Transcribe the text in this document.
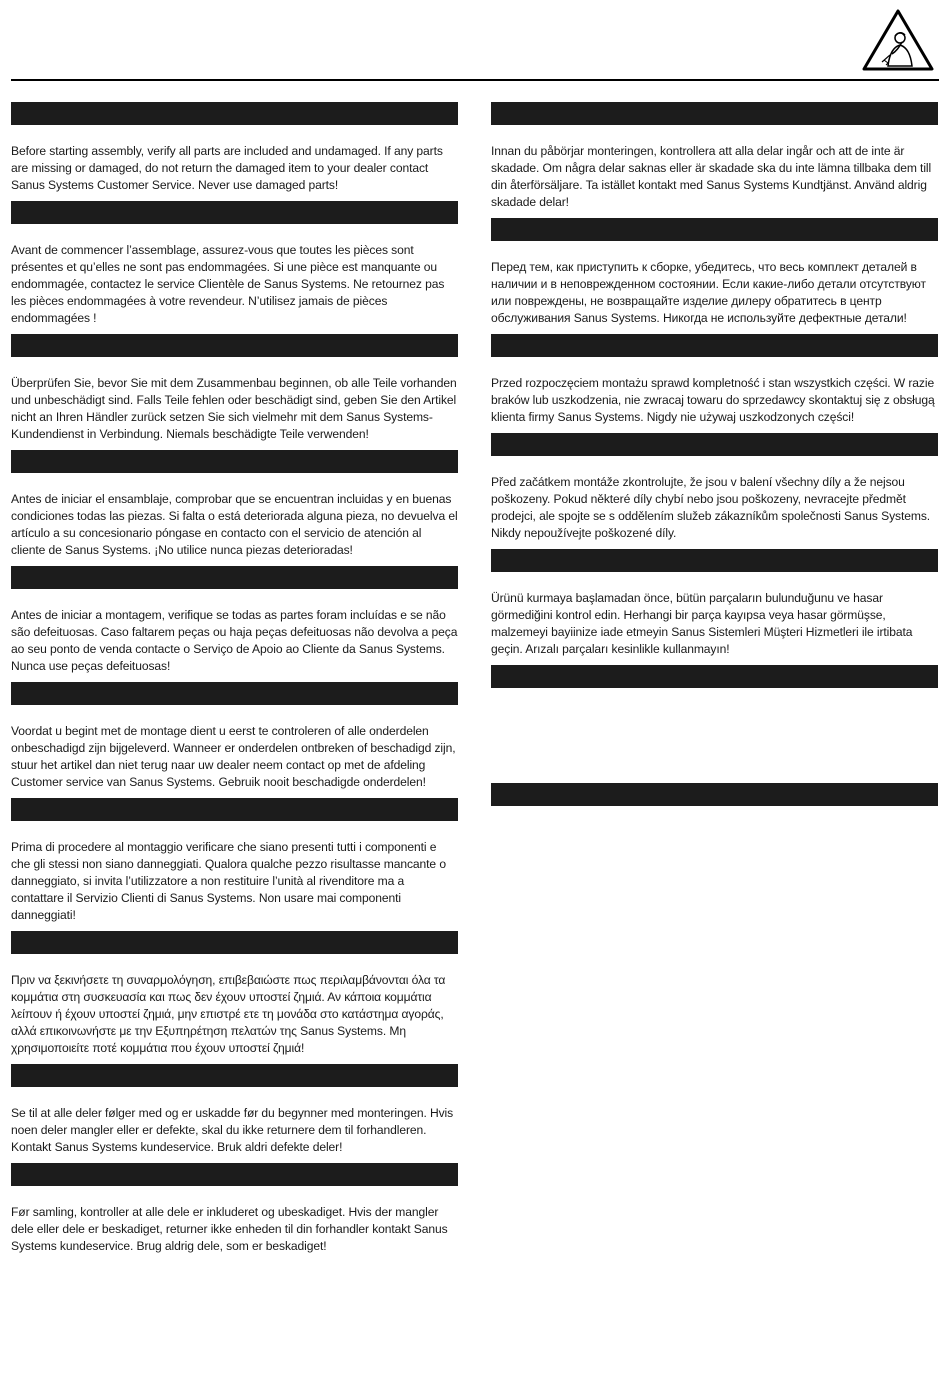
Before starting assembly, verify all parts are included and undamaged. If any parts are missing or damaged, do not return the damaged item to your dealer contact Sanus Systems Customer Service. Never use damaged parts!

Avant de commencer l’assemblage, assurez-vous que toutes les pièces sont présentes et qu’elles ne sont pas endommagées. Si une pièce est manquante ou endommagée, contactez le service Clientèle de Sanus Systems. Ne retournez pas les pièces endommagées à votre revendeur. N’utilisez jamais de pièces endommagées !

Überprüfen Sie, bevor Sie mit dem Zusammenbau beginnen, ob alle Teile vorhanden und unbeschädigt sind. Falls Teile fehlen oder beschädigt sind, geben Sie den Artikel nicht an Ihren Händler zurück setzen Sie sich vielmehr mit dem Sanus Systems-Kundendienst in Verbindung. Niemals beschädigte Teile verwenden!

Antes de iniciar el ensamblaje, comprobar que se encuentran incluidas y en buenas condiciones todas las piezas. Si falta o está deteriorada alguna pieza, no devuelva el artículo a su concesionario póngase en contacto con el servicio de atención al cliente de Sanus Systems. ¡No utilice nunca piezas deterioradas!

Antes de iniciar a montagem, verifique se todas as partes foram incluídas e se não são defeituosas. Caso faltarem peças ou haja peças defeituosas não devolva a peça ao seu ponto de venda contacte o Serviço de Apoio ao Cliente da Sanus Systems. Nunca use peças defeituosas!

Voordat u begint met de montage dient u eerst te controleren of alle onderdelen onbeschadigd zijn bijgeleverd. Wanneer er onderdelen ontbreken of beschadigd zijn, stuur het artikel dan niet terug naar uw dealer neem contact op met de afdeling Customer service van Sanus Systems. Gebruik nooit beschadigde onderdelen!

Prima di procedere al montaggio verificare che siano presenti tutti i componenti e che gli stessi non siano danneggiati. Qualora qualche pezzo risultasse mancante o danneggiato, si invita l’utilizzatore a non restituire l’unità al rivenditore ma a contattare il Servizio Clienti di Sanus Systems. Non usare mai componenti danneggiati!

Πριν να ξεκινήσετε τη συναρμολόγηση, επιβεβαιώστε πως περιλαμβάνονται όλα τα κομμάτια στη συσκευασία και πως δεν έχουν υποστεί ζημιά. Αν κάποια κομμάτια λείπουν ή έχουν υποστεί ζημιά, μην επιστρέ ετε τη μονάδα στο κατάστημα αγοράς, αλλά επικοινωνήστε με την Εξυπηρέτηση πελατών της Sanus Systems. Μη χρησιμοποιείτε ποτέ κομμάτια που έχουν υποστεί ζημιά!

Se til at alle deler følger med og er uskadde før du begynner med monteringen. Hvis noen deler mangler eller er defekte, skal du ikke returnere dem til forhandleren. Kontakt Sanus Systems kundeservice. Bruk aldri defekte deler!

Før samling, kontroller at alle dele er inkluderet og ubeskadiget. Hvis der mangler dele eller dele er beskadiget, returner ikke enheden til din forhandler kontakt Sanus Systems kundeservice. Brug aldrig dele, som er beskadiget!

Innan du påbörjar monteringen, kontrollera att alla delar ingår och att de inte är skadade. Om några delar saknas eller är skadade ska du inte lämna tillbaka dem till din återförsäljare. Ta istället kontakt med Sanus Systems Kundtjänst. Använd aldrig skadade delar!

Перед тем, как приступить к сборке, убедитесь, что весь комплект деталей в наличии и в неповрежденном состоянии. Если какие-либо детали отсутствуют или повреждены, не возвращайте изделие дилеру обратитесь в центр обслуживания Sanus Systems. Никогда не используйте дефектные детали!

Przed rozpoczęciem montażu sprawd kompletność i stan wszystkich części. W razie braków lub uszkodzenia, nie zwracaj towaru do sprzedawcy skontaktuj się z obsługą klienta firmy Sanus Systems. Nigdy nie używaj uszkodzonych części!

Před začátkem montáže zkontrolujte, že jsou v balení všechny díly a že nejsou poškozeny. Pokud některé díly chybí nebo jsou poškozeny, nevracejte předmět prodejci, ale spojte se s oddělením služeb zákazníkům společnosti Sanus Systems. Nikdy nepoužívejte poškozené díly.

Ürünü kurmaya başlamadan önce, bütün parçaların bulunduğunu ve hasar görmediğini kontrol edin. Herhangi bir parça kayıpsa veya hasar görmüşse, malzemeyi bayiinize iade etmeyin Sanus Sistemleri Müşteri Hizmetleri ile irtibata geçin. Arızalı parçaları kesinlikle kullanmayın!
